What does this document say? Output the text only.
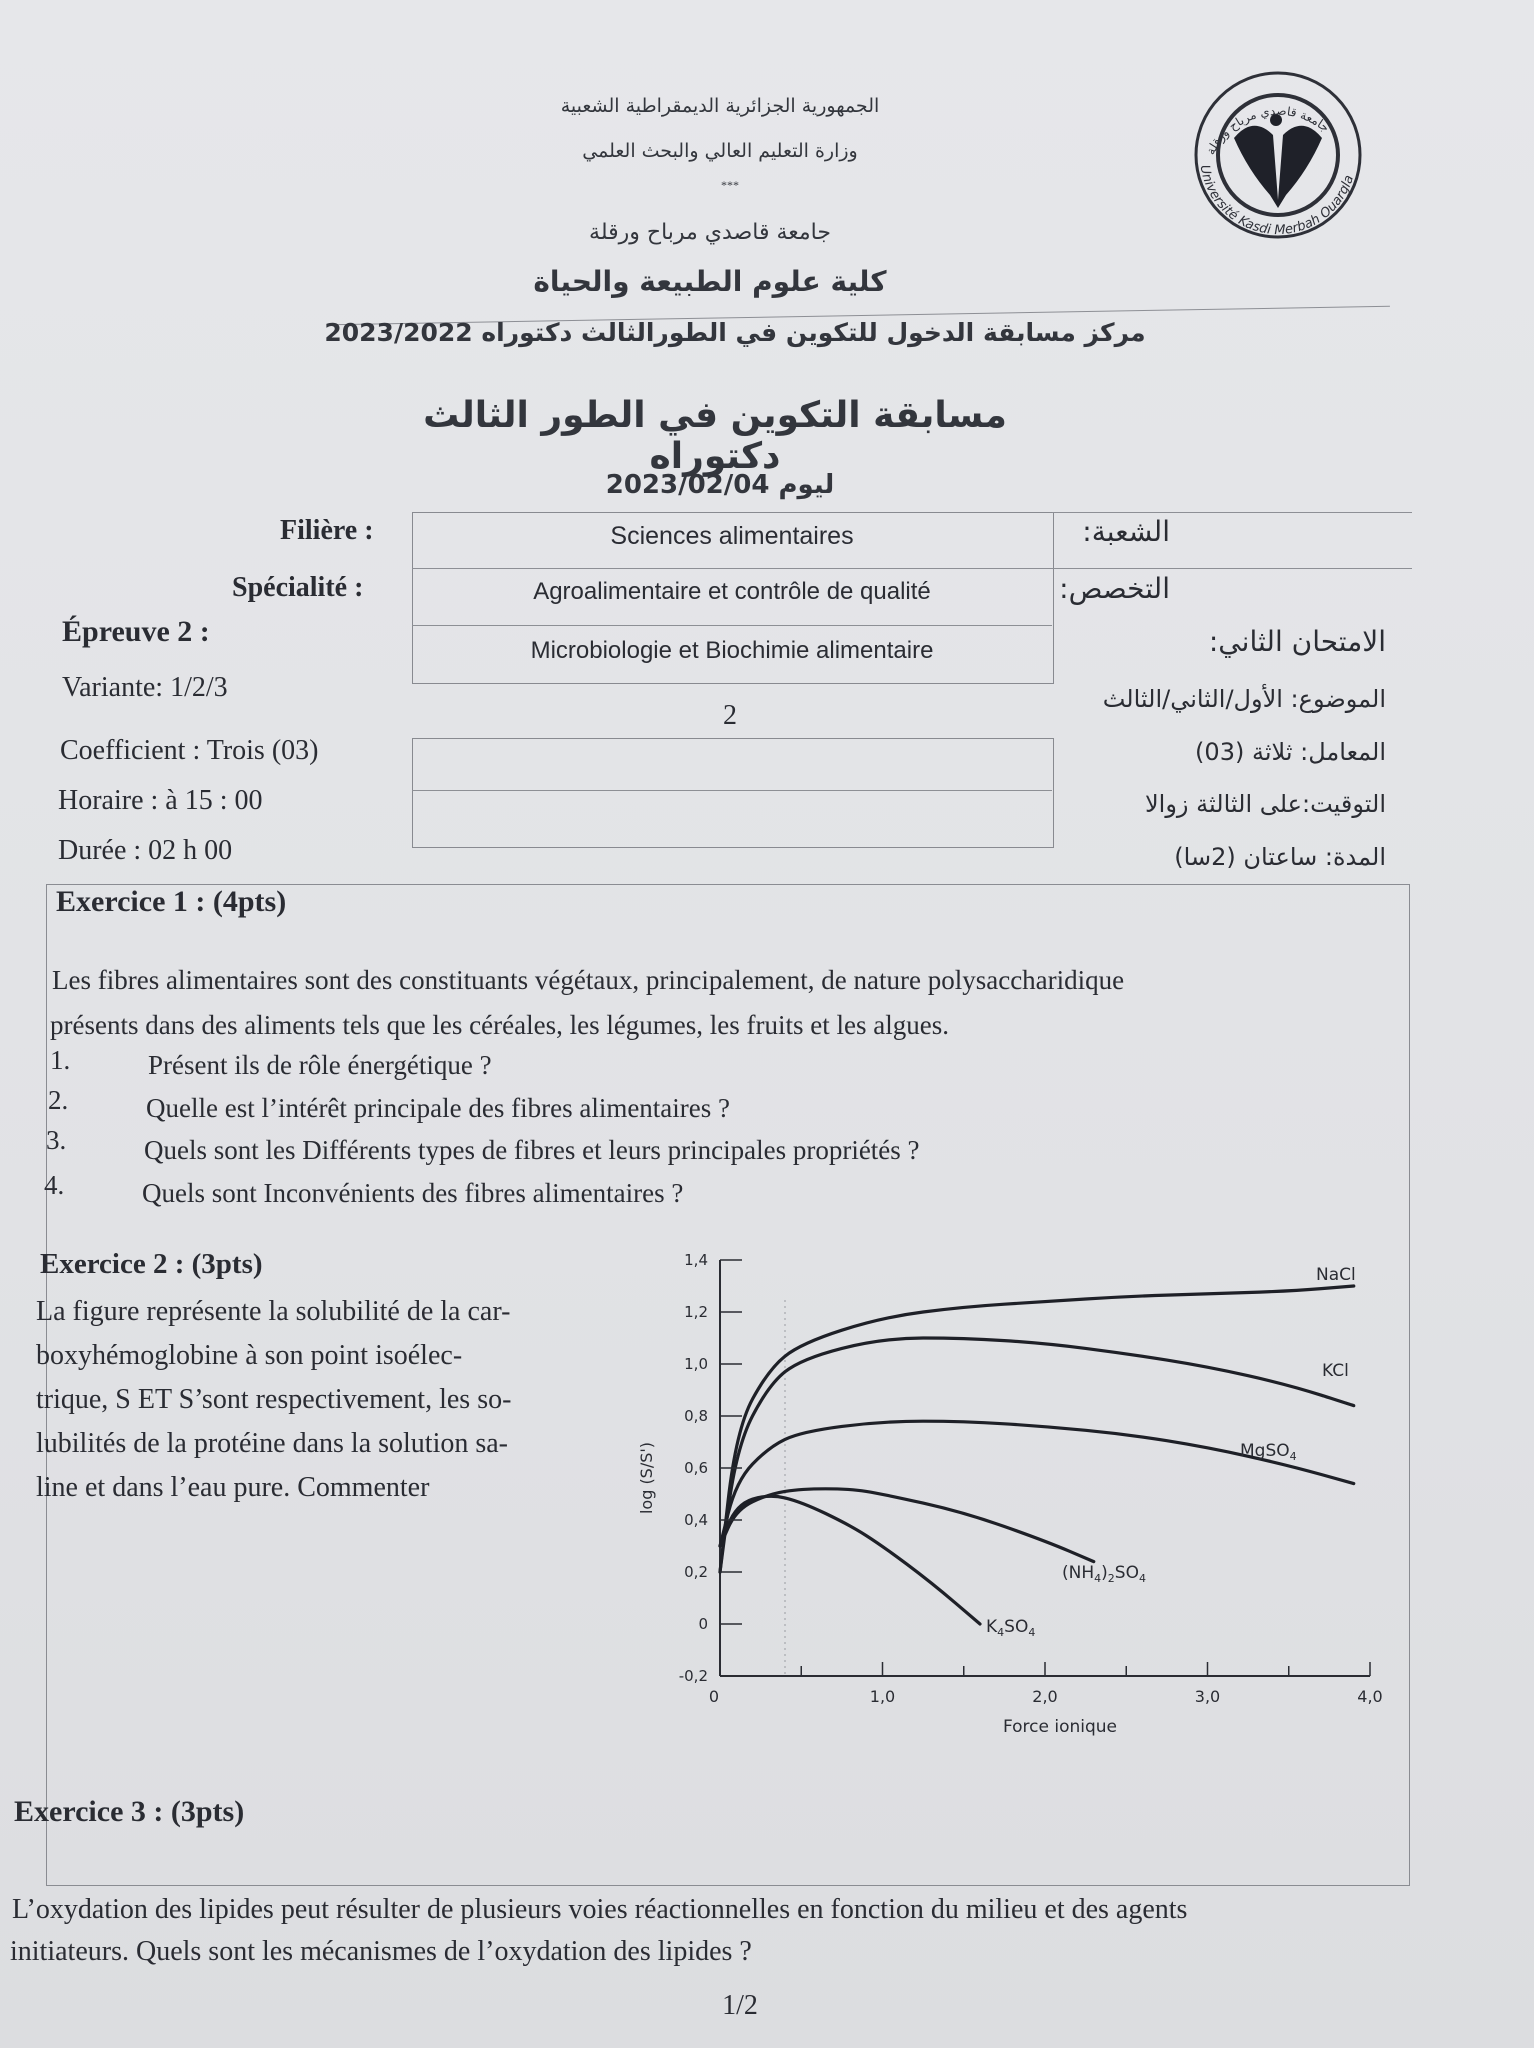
جامعة قاصدي مرباح ورقلة
Université Kasdi Merbah Ouargla
الجمهورية الجزائرية الديمقراطية الشعبية
وزارة التعليم العالي والبحث العلمي
***
جامعة قاصدي مرباح ورقلة
كلية علوم الطبيعة والحياة
مركز مسابقة الدخول للتكوين في الطورالثالث دكتوراه 2023/2022
مسابقة التكوين في الطور الثالث دكتوراه
ليوم 2023/02/04
Filière :	Sciences alimentaires	الشعبة:
Spécialité :	Agroalimentaire et contrôle de qualité	التخصص:
Épreuve 2 :
Microbiologie et Biochimie alimentaire	الامتحان الثاني:
Variante: 1/2/3
2
الموضوع: الأول/الثاني/الثالث
Coefficient : Trois (03)	المعامل: ثلاثة (03)
Horaire : à 15 : 00	التوقيت:على الثالثة زوالا
Durée : 02 h 00	المدة: ساعتان (2سا)
Exercice 1 : (4pts)
Les fibres alimentaires sont des constituants végétaux, principalement, de nature polysaccharidique
présents dans des aliments tels que les céréales, les légumes, les fruits et les algues.
1.	Présent ils de rôle énergétique ?
2.	Quelle est l’intérêt principale des fibres alimentaires ?
3.	Quels sont les Différents types de fibres et leurs principales propriétés ?
4.	Quels sont Inconvénients des fibres alimentaires ?
Exercice 2 : (3pts)
La figure représente la solubilité de la car-
boxyhémoglobine à son point isoélec-
trique, S ET S’sont respectivement, les so-
lubilités de la protéine dans la solution sa-
line et dans l’eau pure. Commenter
-0,2
0
0,2
0,4
0,6
0,8
1,0
1,2
1,4
0	1,0	2,0	3,0	4,0
Force ionique
log (S/S')
NaCl
KCl
MgSO$_4$
$(NH_4)_2SO_4$
$K_4SO_4$
Exercice 3 : (3pts)
L’oxydation des lipides peut résulter de plusieurs voies réactionnelles en fonction du milieu et des agents
initiateurs. Quels sont les mécanismes de l’oxydation des lipides ?
1/2
